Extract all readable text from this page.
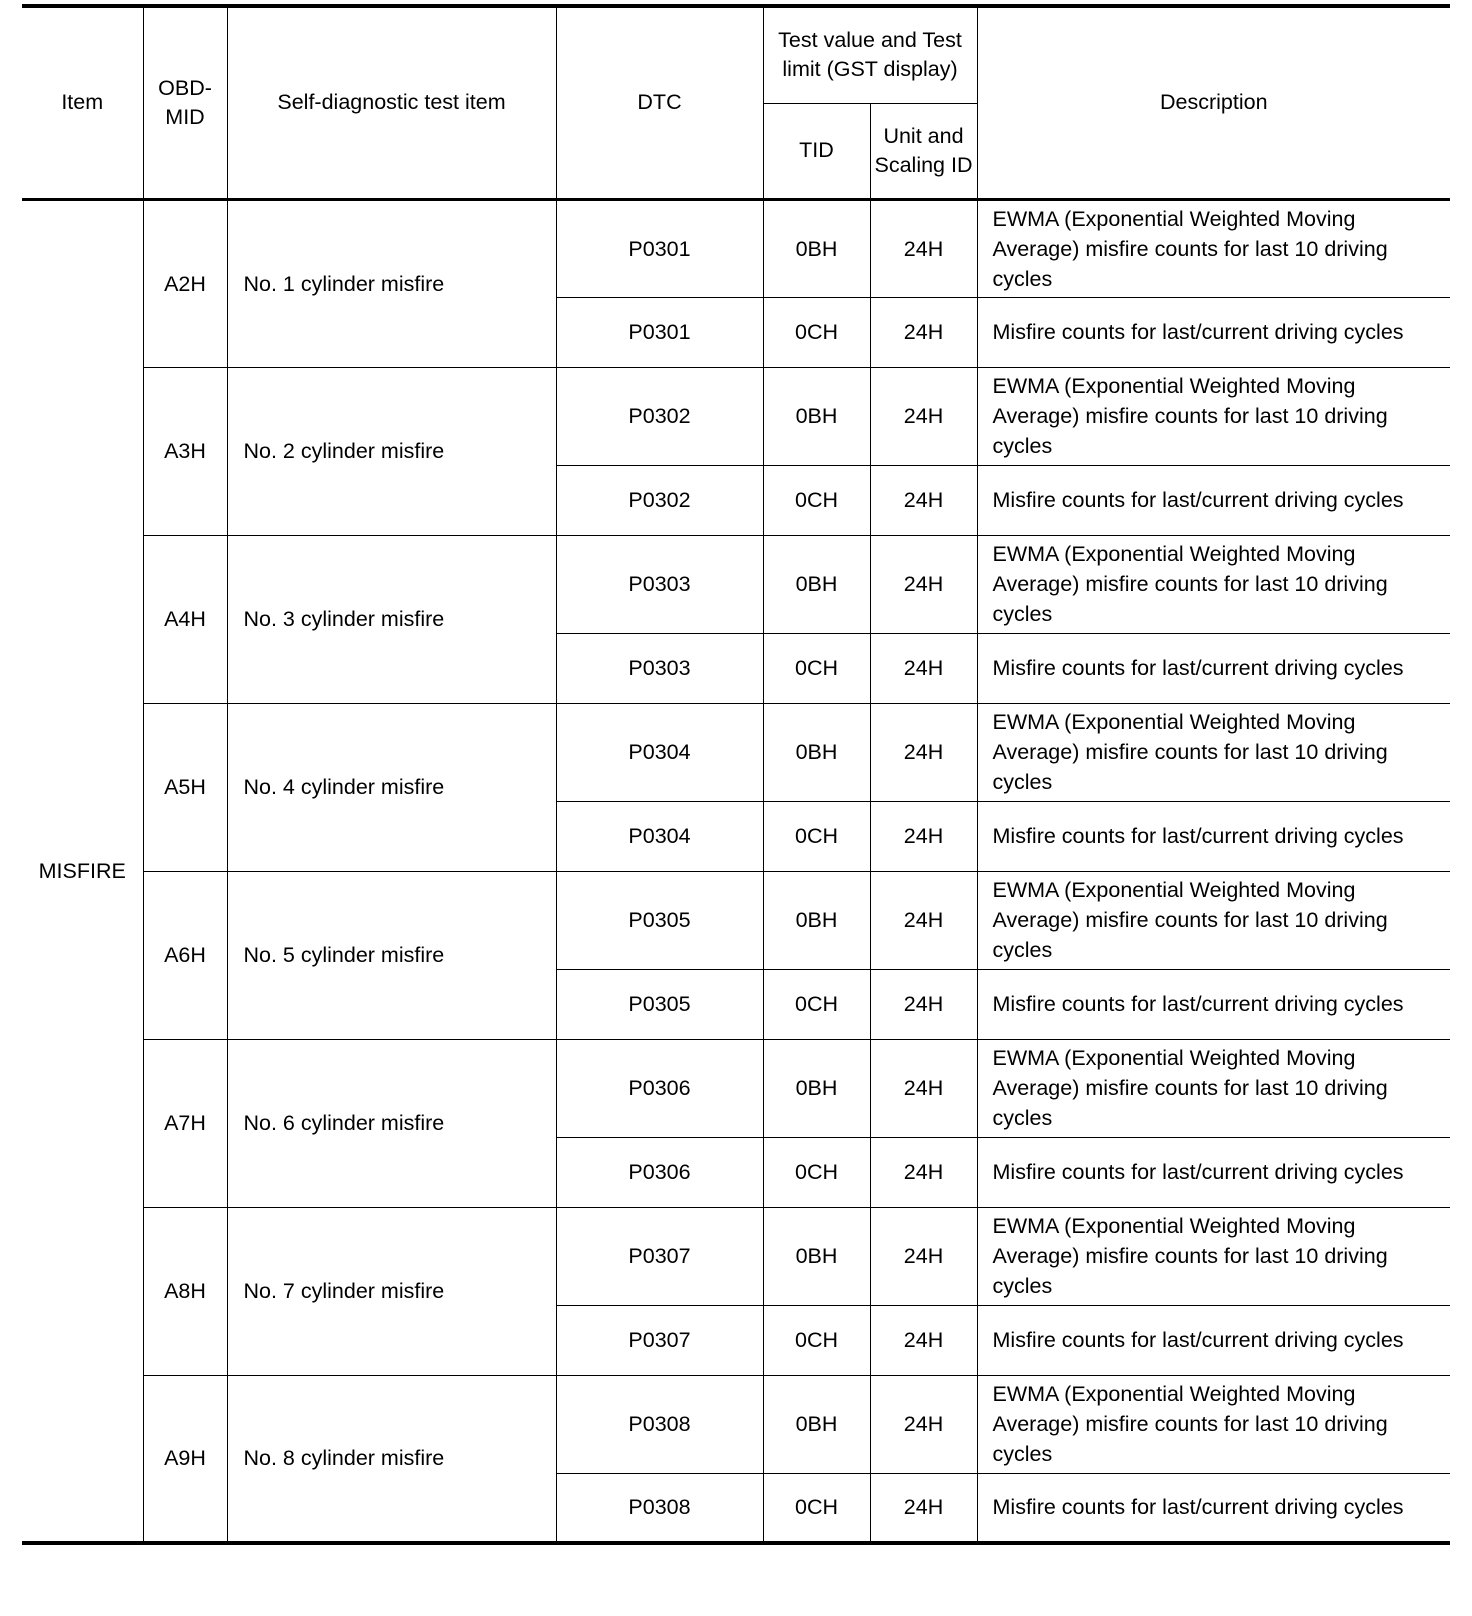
Item	OBD-MID	Self-diagnostic test item	DTC	Test value and Test limit (GST display)		Description
				TID	Unit and Scaling ID	
MISFIRE	A2H	No. 1 cylinder misfire	P0301	0BH	24H	EWMA (Exponential Weighted Moving Average) misfire counts for last 10 driving cycles
			P0301	0CH	24H	Misfire counts for last/current driving cycles
	A3H	No. 2 cylinder misfire	P0302	0BH	24H	EWMA (Exponential Weighted Moving Average) misfire counts for last 10 driving cycles
			P0302	0CH	24H	Misfire counts for last/current driving cycles
	A4H	No. 3 cylinder misfire	P0303	0BH	24H	EWMA (Exponential Weighted Moving Average) misfire counts for last 10 driving cycles
			P0303	0CH	24H	Misfire counts for last/current driving cycles
	A5H	No. 4 cylinder misfire	P0304	0BH	24H	EWMA (Exponential Weighted Moving Average) misfire counts for last 10 driving cycles
			P0304	0CH	24H	Misfire counts for last/current driving cycles
	A6H	No. 5 cylinder misfire	P0305	0BH	24H	EWMA (Exponential Weighted Moving Average) misfire counts for last 10 driving cycles
			P0305	0CH	24H	Misfire counts for last/current driving cycles
	A7H	No. 6 cylinder misfire	P0306	0BH	24H	EWMA (Exponential Weighted Moving Average) misfire counts for last 10 driving cycles
			P0306	0CH	24H	Misfire counts for last/current driving cycles
	A8H	No. 7 cylinder misfire	P0307	0BH	24H	EWMA (Exponential Weighted Moving Average) misfire counts for last 10 driving cycles
			P0307	0CH	24H	Misfire counts for last/current driving cycles
	A9H	No. 8 cylinder misfire	P0308	0BH	24H	EWMA (Exponential Weighted Moving Average) misfire counts for last 10 driving cycles
			P0308	0CH	24H	Misfire counts for last/current driving cycles
